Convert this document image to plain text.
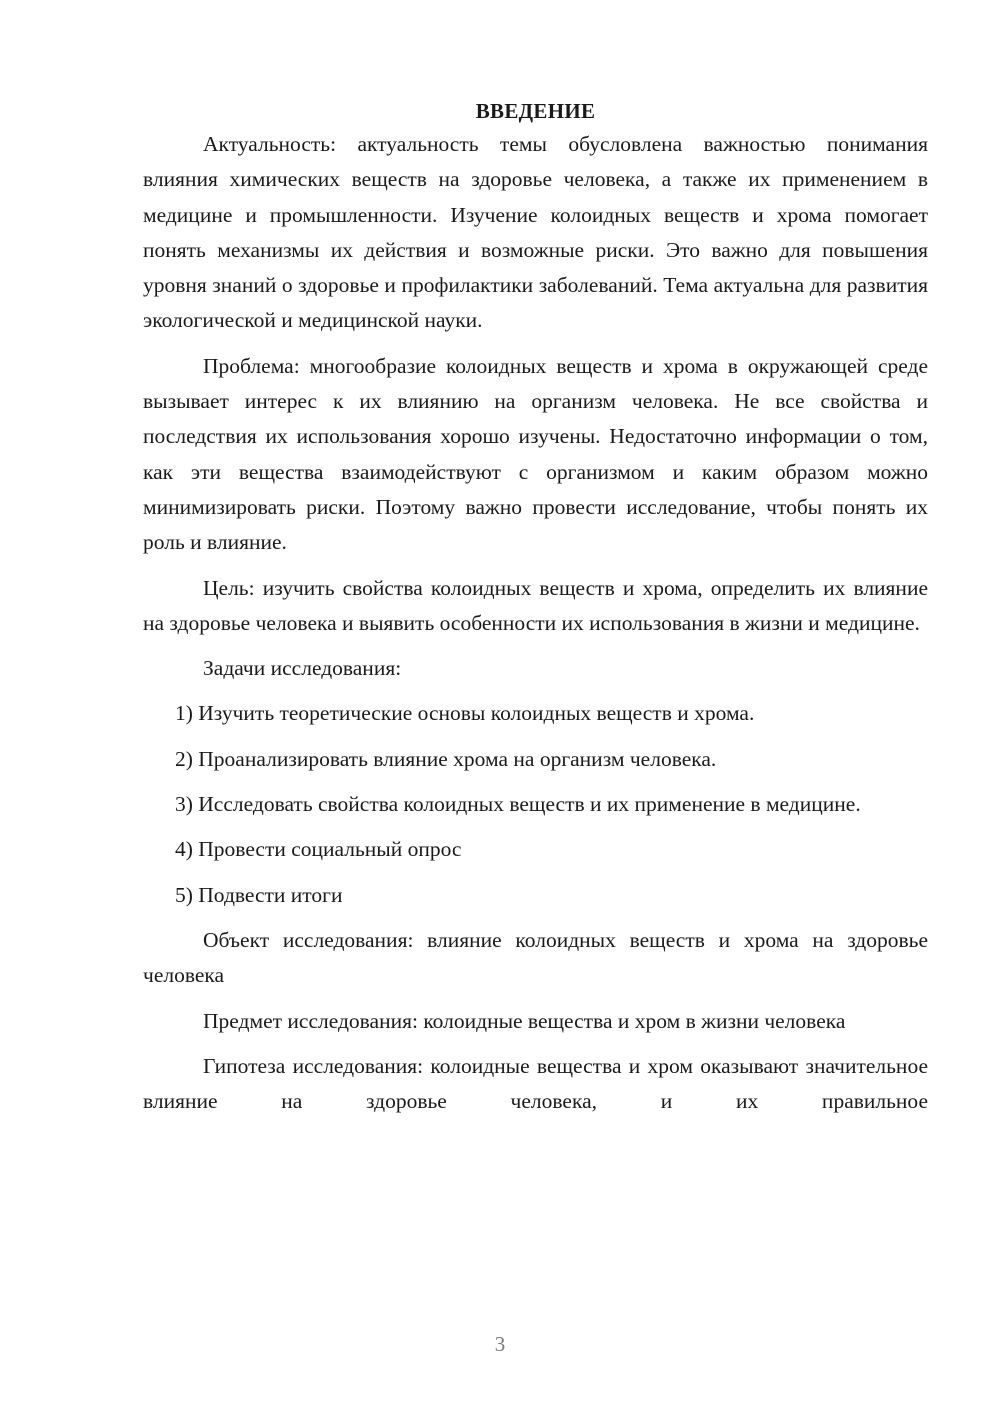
ВВЕДЕНИЕ

Актуальность: актуальность темы обусловлена важностью понимания влияния химических веществ на здоровье человека, а также их применением в медицине и промышленности. Изучение колоидных веществ и хрома помогает понять механизмы их действия и возможные риски. Это важно для повышения уровня знаний о здоровье и профилактики заболеваний. Тема актуальна для развития экологической и медицинской науки.

Проблема: многообразие колоидных веществ и хрома в окружающей среде вызывает интерес к их влиянию на организм человека. Не все свойства и последствия их использования хорошо изучены. Недостаточно информации о том, как эти вещества взаимодействуют с организмом и каким образом можно минимизировать риски. Поэтому важно провести исследование, чтобы понять их роль и влияние.

Цель: изучить свойства колоидных веществ и хрома, определить их влияние на здоровье человека и выявить особенности их использования в жизни и медицине.

Задачи исследования:

1) Изучить теоретические основы колоидных веществ и хрома.

2) Проанализировать влияние хрома на организм человека.

3) Исследовать свойства колоидных веществ и их применение в медицине.

4) Провести социальный опрос

5) Подвести итоги

Объект исследования: влияние колоидных веществ и хрома на здоровье человека

Предмет исследования: колоидные вещества и хром в жизни человека

Гипотеза исследования: колоидные вещества и хром оказывают значительное влияние на здоровье человека, и их правильное

3
